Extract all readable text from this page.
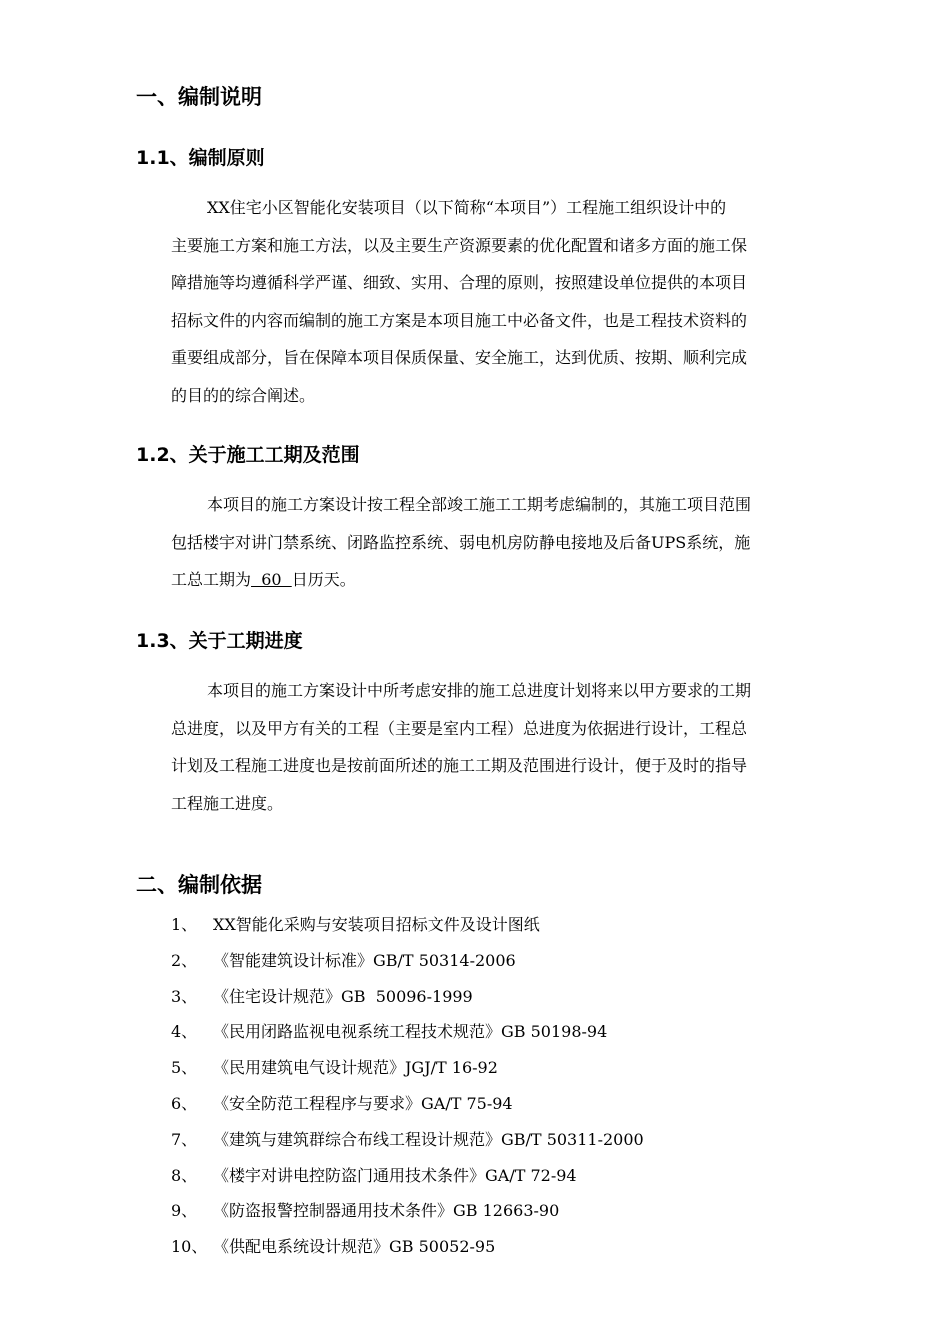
一、编制说明
1.1、编制原则
XX住宅小区智能化安装项目（以下简称“本项目”）工程施工组织设计中的
主要施工方案和施工方法，以及主要生产资源要素的优化配置和诸多方面的施工保
障措施等均遵循科学严谨、细致、实用、合理的原则，按照建设单位提供的本项目
招标文件的内容而编制的施工方案是本项目施工中必备文件，也是工程技术资料的
重要组成部分，旨在保障本项目保质保量、安全施工，达到优质、按期、顺利完成
的目的的综合阐述。
1.2、关于施工工期及范围
本项目的施工方案设计按工程全部竣工施工工期考虑编制的，其施工项目范围
包括楼宇对讲门禁系统、闭路监控系统、弱电机房防静电接地及后备UPS系统，施
工总工期为  60  日历天。
1.3、关于工期进度
本项目的施工方案设计中所考虑安排的施工总进度计划将来以甲方要求的工期
总进度，以及甲方有关的工程（主要是室内工程）总进度为依据进行设计，工程总
计划及工程施工进度也是按前面所述的施工工期及范围进行设计，便于及时的指导
工程施工进度。
二、编制依据
1、 XX智能化采购与安装项目招标文件及设计图纸
2、 《智能建筑设计标准》GB/T 50314-2006
3、 《住宅设计规范》GB  50096-1999
4、 《民用闭路监视电视系统工程技术规范》GB 50198-94
5、 《民用建筑电气设计规范》JGJ/T 16-92
6、 《安全防范工程程序与要求》GA/T 75-94
7、 《建筑与建筑群综合布线工程设计规范》GB/T 50311-2000
8、 《楼宇对讲电控防盗门通用技术条件》GA/T 72-94
9、 《防盗报警控制器通用技术条件》GB 12663-90
10、 《供配电系统设计规范》GB 50052-95
